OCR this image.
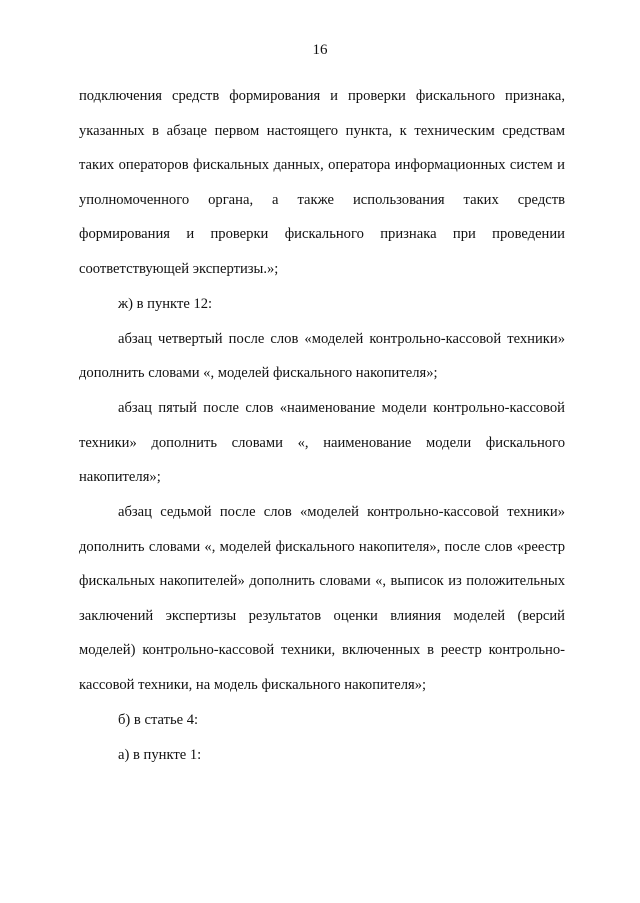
16

подключения средств формирования и проверки фискального признака, указанных в абзаце первом настоящего пункта, к техническим средствам таких операторов фискальных данных, оператора информационных систем и уполномоченного органа, а также использования таких средств формирования и проверки фискального признака при проведении соответствующей экспертизы.»;

ж) в пункте 12:

абзац четвертый после слов «моделей контрольно-кассовой техники» дополнить словами «, моделей фискального накопителя»;

абзац пятый после слов «наименование модели контрольно-кассовой техники» дополнить словами «, наименование модели фискального накопителя»;

абзац седьмой после слов «моделей контрольно-кассовой техники» дополнить словами «, моделей фискального накопителя», после слов «реестр фискальных накопителей» дополнить словами «, выписок из положительных заключений экспертизы результатов оценки влияния моделей (версий моделей) контрольно-кассовой техники, включенных в реестр контрольно-кассовой техники, на модель фискального накопителя»;

б) в статье 4:

а) в пункте 1:
